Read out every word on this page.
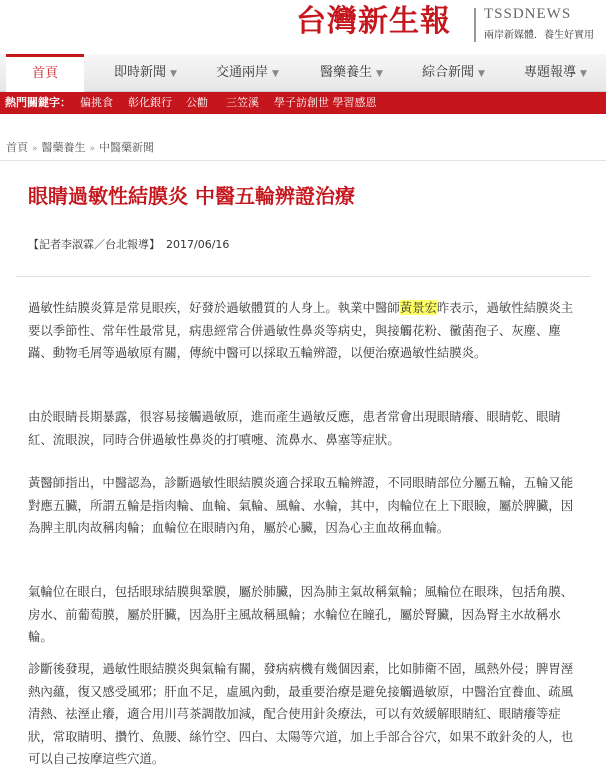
台灣新生報 TSSDNEWS
兩岸新媒體．養生好實用
首頁	即時新聞 ▼	交通兩岸 ▼	醫藥養生 ▼	綜合新聞 ▼	專題報導 ▼
熱門關鍵字： 偏挑食 彰化銀行 公勸 三笠溪 學子訪創世 學習感恩
首頁 » 醫藥養生 » 中醫藥新聞
眼睛過敏性結膜炎 中醫五輪辨證治療
【記者李淑霖／台北報導】 2017/06/16

過敏性結膜炎算是常見眼疾，好發於過敏體質的人身上。執業中醫師黃景宏昨表示，過敏性結膜炎主要以季節性、常年性最常見，病患經常合併過敏性鼻炎等病史，與接觸花粉、黴菌孢子、灰塵、塵蹣、動物毛屑等過敏原有關，傳統中醫可以採取五輪辨證，以便治療過敏性結膜炎。

由於眼睛長期暴露，很容易接觸過敏原，進而產生過敏反應，患者常會出現眼睛癢、眼睛乾、眼睛紅、流眼淚，同時合併過敏性鼻炎的打噴嚏、流鼻水、鼻塞等症狀。

黃醫師指出，中醫認為，診斷過敏性眼結膜炎適合採取五輪辨證，不同眼睛部位分屬五輪，五輪又能對應五臟，所謂五輪是指肉輪、血輪、氣輪、風輪、水輪，其中，肉輪位在上下眼瞼，屬於脾臟，因為脾主肌肉故稱肉輪；血輪位在眼睛內角，屬於心臟，因為心主血故稱血輪。

氣輪位在眼白，包括眼球結膜與鞏膜，屬於肺臟，因為肺主氣故稱氣輪；風輪位在眼珠，包括角膜、房水、前葡萄膜，屬於肝臟，因為肝主風故稱風輪；水輪位在瞳孔，屬於腎臟，因為腎主水故稱水輪。

診斷後發現，過敏性眼結膜炎與氣輪有關，發病病機有幾個因素，比如肺衛不固，風熱外侵；脾胃溼熱內蘊，復又感受風邪；肝血不足，虛風內動，最重要治療是避免接觸過敏原，中醫治宜養血、疏風清熱、祛溼止癢，適合用川芎茶調散加減，配合使用針灸療法，可以有效緩解眼睛紅、眼睛癢等症狀，常取睛明、攢竹、魚腰、絲竹空、四白、太陽等穴道，加上手部合谷穴，如果不敢針灸的人，也可以自己按摩這些穴道。
